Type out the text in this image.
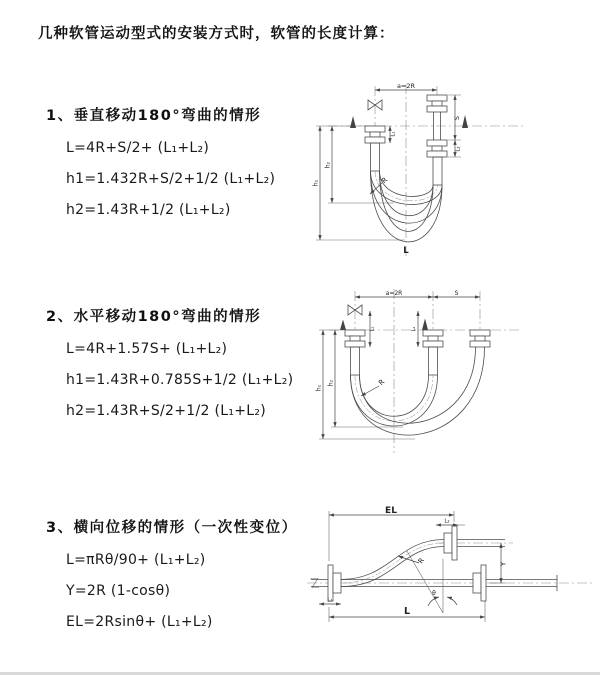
几种软管运动型式的安装方式时，软管的长度计算：
1、垂直移动180°弯曲的情形
L=4R+S/2+ (L₁+L₂)
h1=1.432R+S/2+1/2 (L₁+L₂)
h2=1.43R+1/2 (L₁+L₂)
2、水平移动180°弯曲的情形
L=4R+1.57S+ (L₁+L₂)
h1=1.43R+0.785S+1/2 (L₁+L₂)
h2=1.43R+S/2+1/2 (L₁+L₂)
3、横向位移的情形（一次性变位）
L=πRθ/90+ (L₁+L₂)
Y=2R (1-cosθ)
EL=2Rsinθ+ (L₁+L₂)
a=2R
S
L₂
L₁
h₁
h₂
R
L
a=2R	S
h₁
h₂
L₁	L₂
R
EL
L₂
Y
R
θ
L₁
L
